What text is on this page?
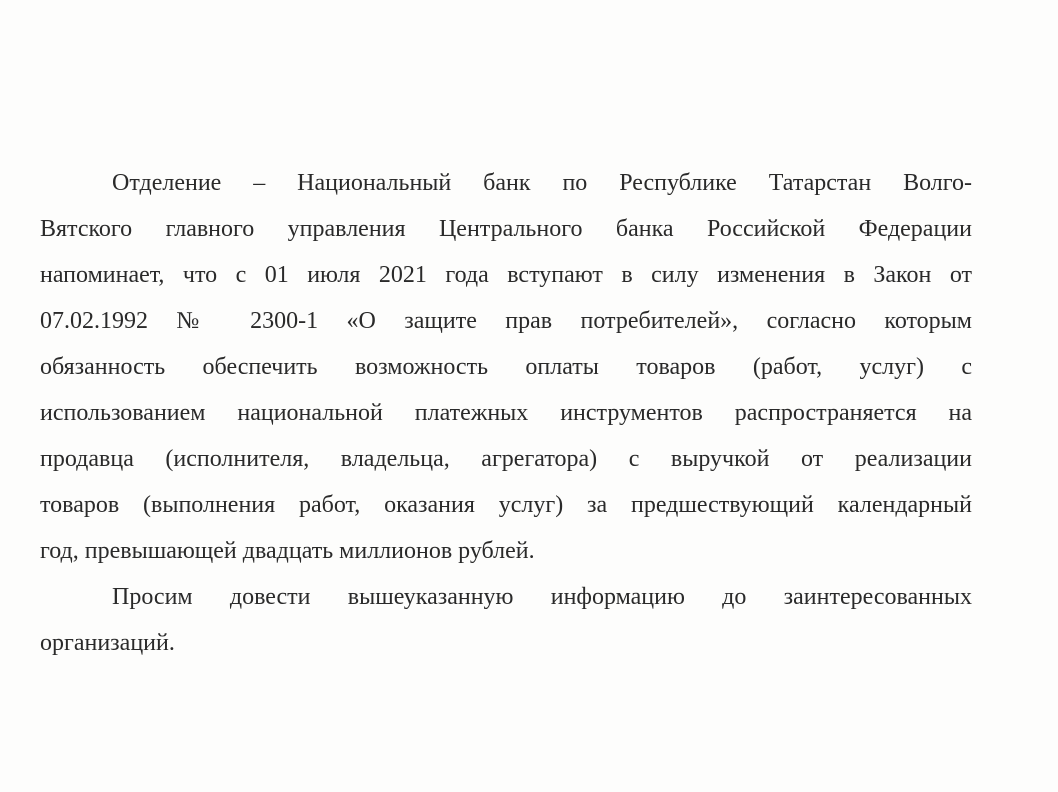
Отделение – Национальный банк по Республике Татарстан Волго-
Вятского главного управления Центрального банка Российской Федерации
напоминает, что с 01 июля 2021 года вступают в силу изменения в Закон от
07.02.1992 № 2300-1 «О защите прав потребителей», согласно которым
обязанность обеспечить возможность оплаты товаров (работ, услуг) с
использованием национальной платежных инструментов распространяется на
продавца (исполнителя, владельца, агрегатора) с выручкой от реализации
товаров (выполнения работ, оказания услуг) за предшествующий календарный
год, превышающей двадцать миллионов рублей.
Просим довести вышеуказанную информацию до заинтересованных
организаций.
